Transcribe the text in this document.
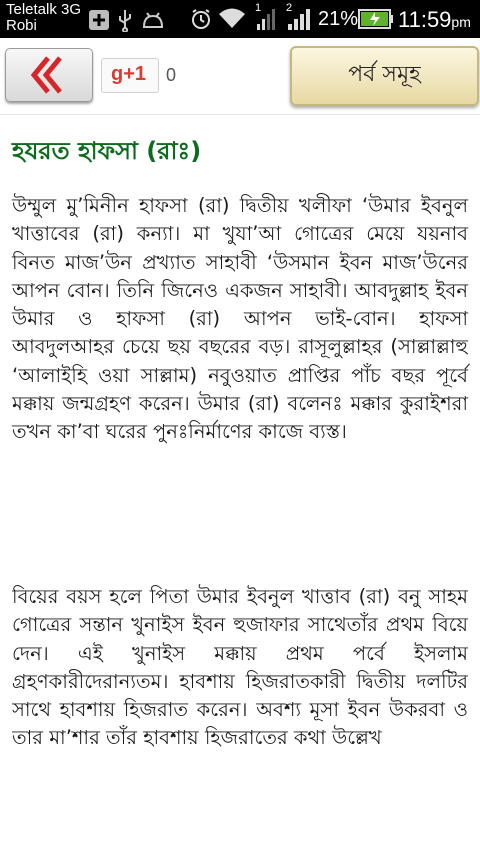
Teletalk 3G
Robi
1 2 21% 11:59pm
g+1 0	পর্ব সমূহ
হযরত হাফসা (রাঃ)
উম্মুল মু’মিনীন হাফসা (রা) দ্বিতীয় খলীফা ‘উমার ইবনুল খাত্তাবের (রা) কন্যা। মা খুযা’আ গোত্রের মেয়ে যয়নাব বিনত মাজ’উন প্রখ্যাত সাহাবী ‘উসমান ইবন মাজ’উনের আপন বোন। তিনি জিনেও একজন সাহাবী। আবদুল্লাহ ইবন উমার ও হাফসা (রা) আপন ভাই-বোন। হাফসা আবদুলআহর চেয়ে ছয় বছরের বড়। রাসূলুল্লাহর (সাল্লাল্লাহু ‘আলাইহি ওয়া সাল্লাম) নবুওয়াত প্রাপ্তির পাঁচ বছর পূর্বে মক্কায় জন্মগ্রহণ করেন। উমার (রা) বলেনঃ মক্কার কুরাইশরা তখন কা’বা ঘরের পুনঃনির্মাণের কাজে ব্যস্ত।
বিয়ের বয়স হলে পিতা উমার ইবনুল খাত্তাব (রা) বনু সাহম গোত্রের সন্তান খুনাইস ইবন হুজাফার সাথেতাঁর প্রথম বিয়ে দেন। এই খুনাইস মক্কায় প্রথম পর্বে ইসলাম গ্রহণকারীদেরান্যতম। হাবশায় হিজরাতকারী দ্বিতীয় দলটির সাথে হাবশায় হিজরাত করেন। অবশ্য মূসা ইবন উকরবা ও তার মা’শার তাঁর হাবশায় হিজরাতের কথা উল্লেখ
